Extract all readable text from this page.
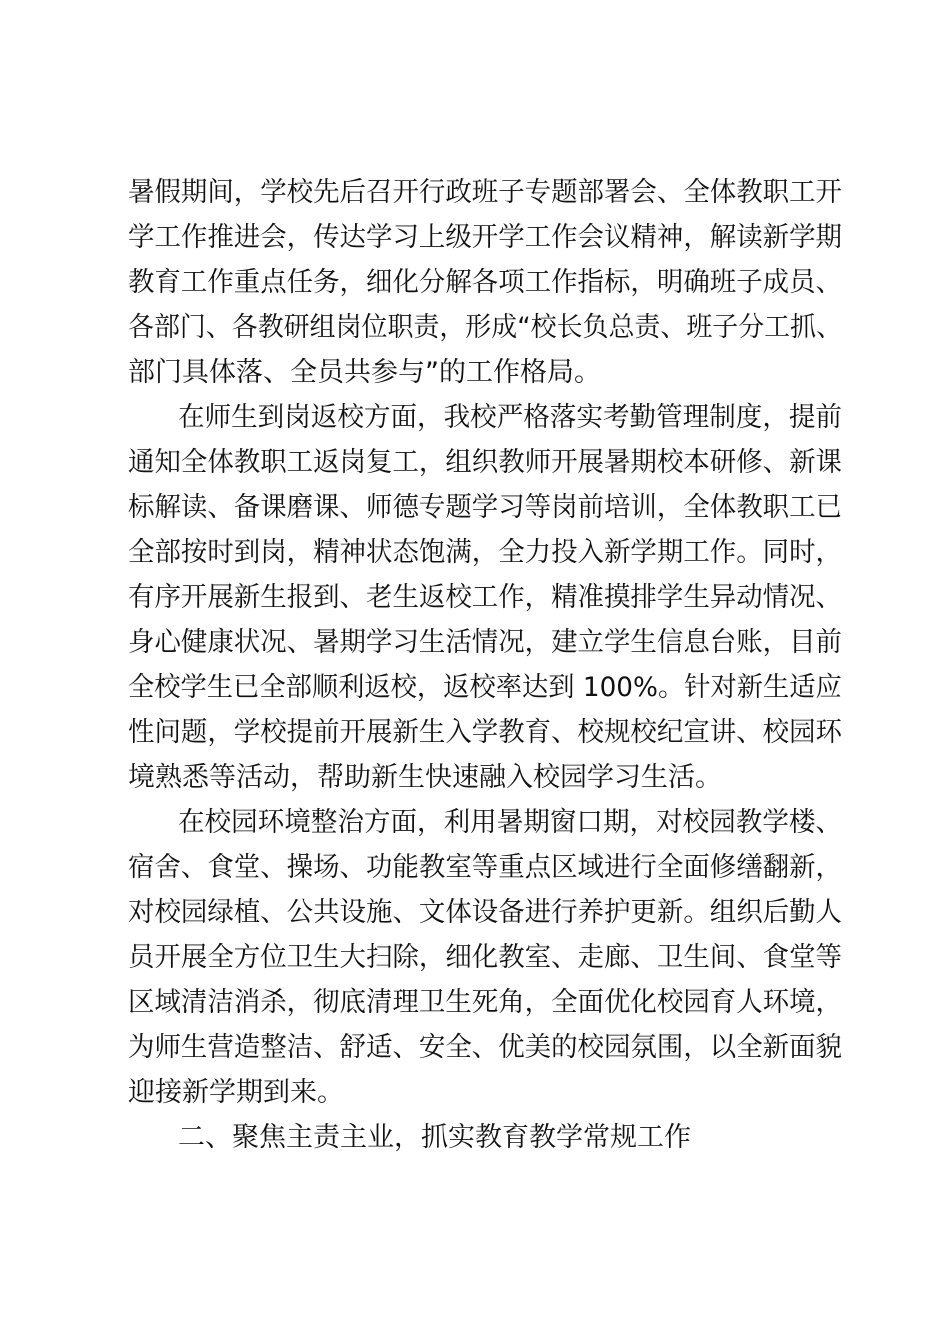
暑假期间，学校先后召开行政班子专题部署会、全体教职工开
学工作推进会，传达学习上级开学工作会议精神，解读新学期
教育工作重点任务，细化分解各项工作指标，明确班子成员、
各部门、各教研组岗位职责，形成“校长负总责、班子分工抓、
部门具体落、全员共参与”的工作格局。
在师生到岗返校方面，我校严格落实考勤管理制度，提前
通知全体教职工返岗复工，组织教师开展暑期校本研修、新课
标解读、备课磨课、师德专题学习等岗前培训，全体教职工已
全部按时到岗，精神状态饱满，全力投入新学期工作。同时，
有序开展新生报到、老生返校工作，精准摸排学生异动情况、
身心健康状况、暑期学习生活情况，建立学生信息台账，目前
全校学生已全部顺利返校，返校率达到 100%。针对新生适应
性问题，学校提前开展新生入学教育、校规校纪宣讲、校园环
境熟悉等活动，帮助新生快速融入校园学习生活。
在校园环境整治方面，利用暑期窗口期，对校园教学楼、
宿舍、食堂、操场、功能教室等重点区域进行全面修缮翻新，
对校园绿植、公共设施、文体设备进行养护更新。组织后勤人
员开展全方位卫生大扫除，细化教室、走廊、卫生间、食堂等
区域清洁消杀，彻底清理卫生死角，全面优化校园育人环境，
为师生营造整洁、舒适、安全、优美的校园氛围，以全新面貌
迎接新学期到来。
二、聚焦主责主业，抓实教育教学常规工作
